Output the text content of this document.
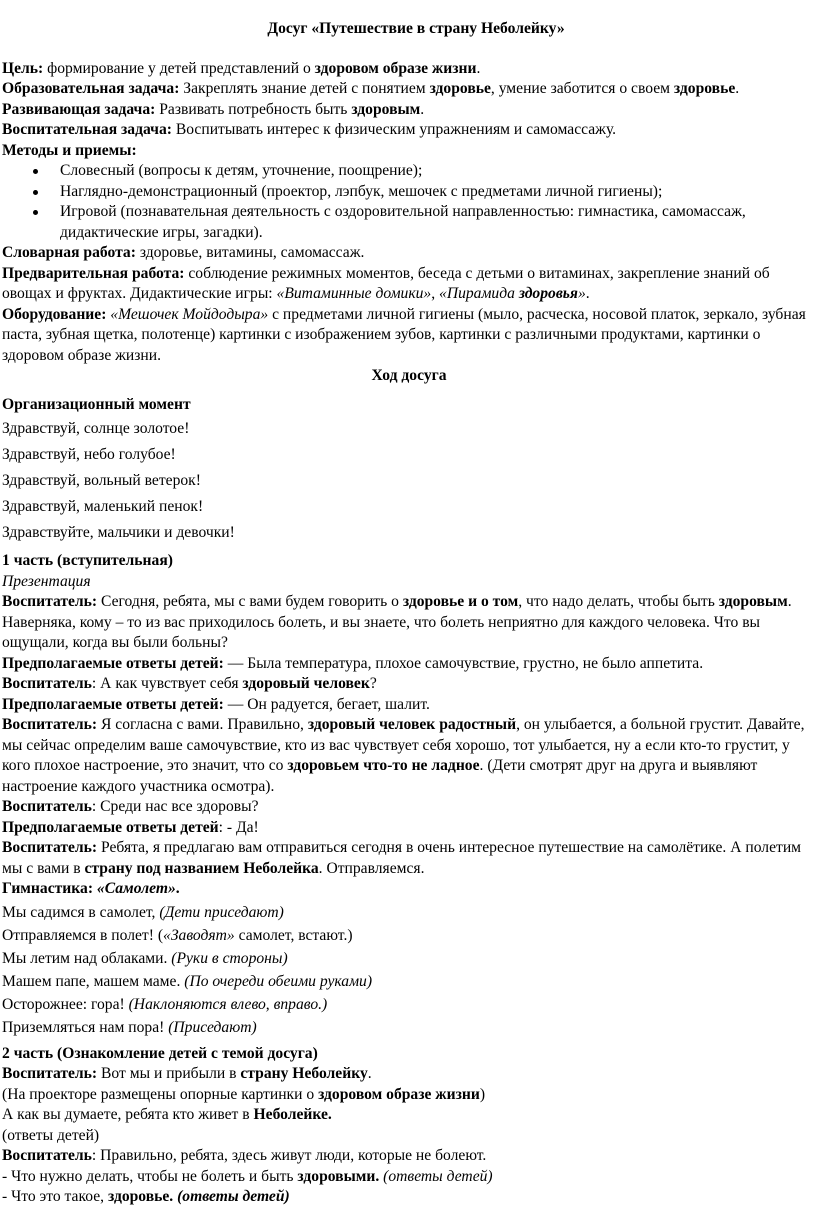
Досуг «Путешествие в страну Неболейку»

Цель: формирование у детей представлений о здоровом образе жизни.

Образовательная задача: Закреплять знание детей с понятием здоровье, умение заботится о своем здоровье.

Развивающая задача: Развивать потребность быть здоровым.

Воспитательная задача: Воспитывать интерес к физическим упражнениям и самомассажу.

Методы и приемы:

Словесный (вопросы к детям, уточнение, поощрение);
Наглядно-демонстрационный (проектор, лэпбук, мешочек с предметами личной гигиены);
Игровой (познавательная деятельность с оздоровительной направленностью: гимнастика, самомассаж, дидактические игры, загадки).

Словарная работа: здоровье, витамины, самомассаж.

Предварительная работа: соблюдение режимных моментов, беседа с детьми о витаминах, закрепление знаний об овощах и фруктах. Дидактические игры: «Витаминные домики», «Пирамида здоровья».

Оборудование: «Мешочек Мойдодыра» с предметами личной гигиены (мыло, расческа, носовой платок, зеркало, зубная паста, зубная щетка, полотенце) картинки с изображением зубов, картинки с различными продуктами, картинки о здоровом образе жизни.

Ход досуга

Организационный момент

Здравствуй, солнце золотое!

Здравствуй, небо голубое!

Здравствуй, вольный ветерок!

Здравствуй, маленький пенок!

Здравствуйте, мальчики и девочки!

1 часть (вступительная)

Презентация

Воспитатель: Сегодня, ребята, мы с вами будем говорить о здоровье и о том, что надо делать, чтобы быть здоровым. Наверняка, кому – то из вас приходилось болеть, и вы знаете, что болеть неприятно для каждого человека. Что вы ощущали, когда вы были больны?

Предполагаемые ответы детей: — Была температура, плохое самочувствие, грустно, не было аппетита.

Воспитатель: А как чувствует себя здоровый человек?

Предполагаемые ответы детей: — Он радуется, бегает, шалит.

Воспитатель: Я согласна с вами. Правильно, здоровый человек радостный, он улыбается, а больной грустит. Давайте, мы сейчас определим ваше самочувствие, кто из вас чувствует себя хорошо, тот улыбается, ну а если кто-то грустит, у кого плохое настроение, это значит, что со здоровьем что-то не ладное. (Дети смотрят друг на друга и выявляют настроение каждого участника осмотра).

Воспитатель: Среди нас все здоровы?

Предполагаемые ответы детей: - Да!

Воспитатель: Ребята, я предлагаю вам отправиться сегодня в очень интересное путешествие на самолётике. А полетим мы с вами в страну под названием Неболейка. Отправляемся.

Гимнастика: «Самолет».

Мы садимся в самолет, (Дети приседают)

Отправляемся в полет! («Заводят» самолет, встают.)

Мы летим над облаками. (Руки в стороны)

Машем папе, машем маме. (По очереди обеими руками)

Осторожнее: гора! (Наклоняются влево, вправо.)

Приземляться нам пора! (Приседают)

2 часть (Ознакомление детей с темой досуга)

Воспитатель: Вот мы и прибыли в страну Неболейку.

(На проекторе размещены опорные картинки о здоровом образе жизни)

А как вы думаете, ребята кто живет в Неболейке.

(ответы детей)

Воспитатель: Правильно, ребята, здесь живут люди, которые не болеют.

- Что нужно делать, чтобы не болеть и быть здоровыми. (ответы детей)

- Что это такое, здоровье. (ответы детей)
